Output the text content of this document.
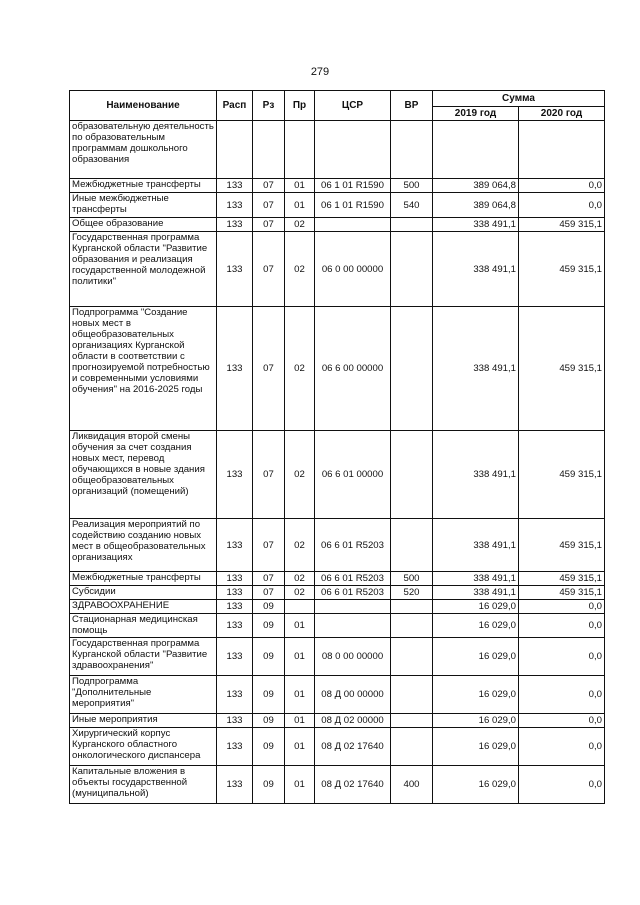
279
Наименование	Расп	Рз	Пр	ЦСР	ВР	Сумма	
						2019 год	2020 год
образовательную деятельность по образовательным программам дошкольного образования							
Межбюджетные трансферты	133	07	01	06 1 01 R1590	500	389 064,8	0,0
Иные межбюджетные трансферты	133	07	01	06 1 01 R1590	540	389 064,8	0,0
Общее образование	133	07	02			338 491,1	459 315,1
Государственная программа Курганской области "Развитие образования и реализация государственной молодежной политики"	133	07	02	06 0 00 00000		338 491,1	459 315,1
Подпрограмма "Создание новых мест в общеобразовательных организациях Курганской области в соответствии с прогнозируемой потребностью и современными условиями обучения" на 2016-2025 годы	133	07	02	06 6 00 00000		338 491,1	459 315,1
Ликвидация второй смены обучения за счет создания новых мест, перевод обучающихся в новые здания общеобразовательных организаций (помещений)	133	07	02	06 6 01 00000		338 491,1	459 315,1
Реализация мероприятий по содействию созданию новых мест в общеобразовательных организациях	133	07	02	06 6 01 R5203		338 491,1	459 315,1
Межбюджетные трансферты	133	07	02	06 6 01 R5203	500	338 491,1	459 315,1
Субсидии	133	07	02	06 6 01 R5203	520	338 491,1	459 315,1
ЗДРАВООХРАНЕНИЕ	133	09				16 029,0	0,0
Стационарная медицинская помощь	133	09	01			16 029,0	0,0
Государственная программа Курганской области "Развитие здравоохранения"	133	09	01	08 0 00 00000		16 029,0	0,0
Подпрограмма "Дополнительные мероприятия"	133	09	01	08 Д 00 00000		16 029,0	0,0
Иные мероприятия	133	09	01	08 Д 02 00000		16 029,0	0,0
Хирургический корпус Курганского областного онкологического диспансера	133	09	01	08 Д 02 17640		16 029,0	0,0
Капитальные вложения в объекты государственной (муниципальной)	133	09	01	08 Д 02 17640	400	16 029,0	0,0
